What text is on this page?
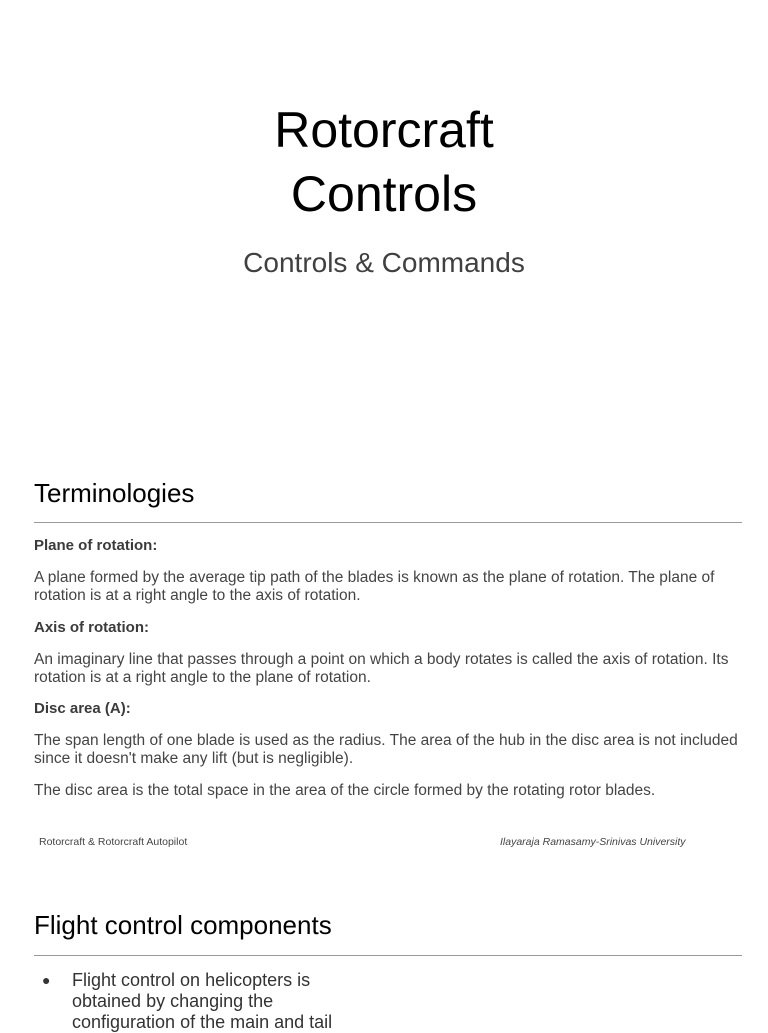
Rotorcraft
Controls
Controls & Commands
Terminologies
Plane of rotation:
A plane formed by the average tip path of the blades is known as the plane of rotation. The plane of rotation is at a right angle to the axis of rotation.
Axis of rotation:
An imaginary line that passes through a point on which a body rotates is called the axis of rotation. Its rotation is at a right angle to the plane of rotation.
Disc area (A):
The span length of one blade is used as the radius. The area of the hub in the disc area is not included since it doesn't make any lift (but is negligible).
The disc area is the total space in the area of the circle formed by the rotating rotor blades.
Rotorcraft & Rotorcraft Autopilot	Ilayaraja Ramasamy-Srinivas University
Flight control components
● Flight control on helicopters is obtained by changing the configuration of the main and tail
